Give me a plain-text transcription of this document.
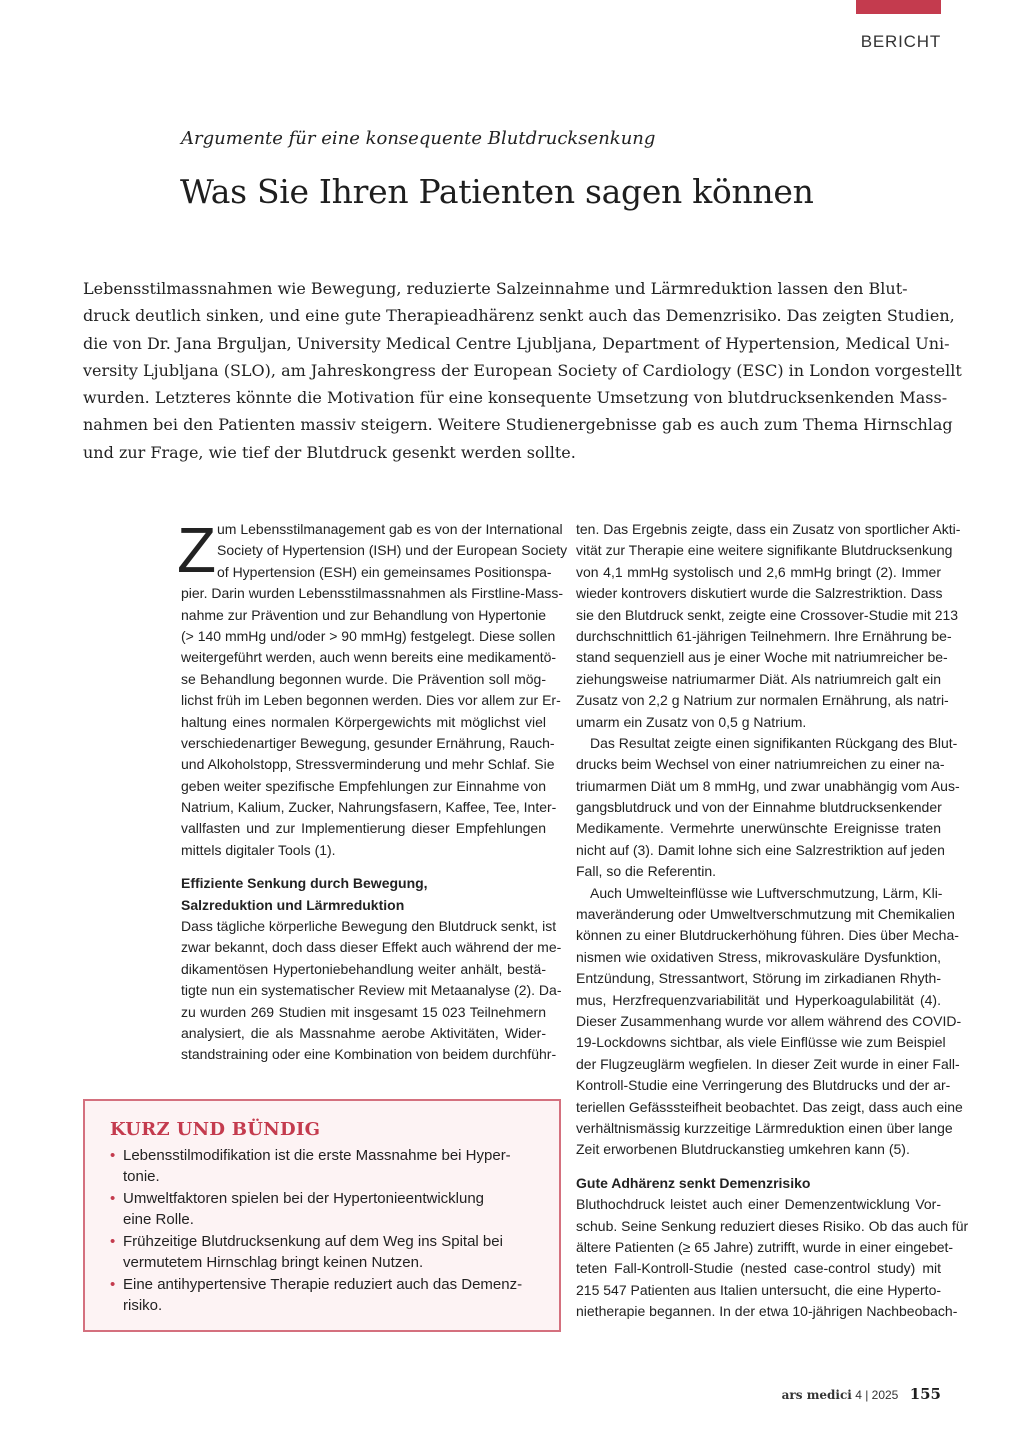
BERICHT
Argumente für eine konsequente Blutdrucksenkung
Was Sie Ihren Patienten sagen können
Lebensstilmassnahmen wie Bewegung, reduzierte Salzeinnahme und Lärmreduktion lassen den Blut-
druck deutlich sinken, und eine gute Therapieadhärenz senkt auch das Demenzrisiko. Das zeigten Studien,
die von Dr. Jana Brguljan, University Medical Centre Ljubljana, Department of Hypertension, Medical Uni-
versity Ljubljana (SLO), am Jahreskongress der European Society of Cardiology (ESC) in London vorgestellt
wurden. Letzteres könnte die Motivation für eine konsequente Umsetzung von blutdrucksenkenden Mass-
nahmen bei den Patienten massiv steigern. Weitere Studienergebnisse gab es auch zum Thema Hirnschlag
und zur Frage, wie tief der Blutdruck gesenkt werden sollte.
Z um Lebensstilmanagement gab es von der International
Society of Hypertension (ISH) und der European Society
of Hypertension (ESH) ein gemeinsames Positionspa-
pier. Darin wurden Lebensstilmassnahmen als Firstline-Mass-
nahme zur Prävention und zur Behandlung von Hypertonie
(> 140 mmHg und/oder > 90 mmHg) festgelegt. Diese sollen
weitergeführt werden, auch wenn bereits eine medikamentö-
se Behandlung begonnen wurde. Die Prävention soll mög-
lichst früh im Leben begonnen werden. Dies vor allem zur Er-
haltung eines normalen Körpergewichts mit möglichst viel
verschiedenartiger Bewegung, gesunder Ernährung, Rauch-
und Alkoholstopp, Stressverminderung und mehr Schlaf. Sie
geben weiter spezifische Empfehlungen zur Einnahme von
Natrium, Kalium, Zucker, Nahrungsfasern, Kaffee, Tee, Inter-
vallfasten und zur Implementierung dieser Empfehlungen
mittels digitaler Tools (1).
Effiziente Senkung durch Bewegung,
Salzreduktion und Lärmreduktion
Dass tägliche körperliche Bewegung den Blutdruck senkt, ist
zwar bekannt, doch dass dieser Effekt auch während der me-
dikamentösen Hypertoniebehandlung weiter anhält, bestä-
tigte nun ein systematischer Review mit Metaanalyse (2). Da-
zu wurden 269 Studien mit insgesamt 15 023 Teilnehmern
analysiert, die als Massnahme aerobe Aktivitäten, Wider-
standstraining oder eine Kombination von beidem durchführ-
ten. Das Ergebnis zeigte, dass ein Zusatz von sportlicher Akti-
vität zur Therapie eine weitere signifikante Blutdrucksenkung
von 4,1 mmHg systolisch und 2,6 mmHg bringt (2). Immer
wieder kontrovers diskutiert wurde die Salzrestriktion. Dass
sie den Blutdruck senkt, zeigte eine Crossover-Studie mit 213
durchschnittlich 61-jährigen Teilnehmern. Ihre Ernährung be-
stand sequenziell aus je einer Woche mit natriumreicher be-
ziehungsweise natriumarmer Diät. Als natriumreich galt ein
Zusatz von 2,2 g Natrium zur normalen Ernährung, als natri-
umarm ein Zusatz von 0,5 g Natrium.
Das Resultat zeigte einen signifikanten Rückgang des Blut-
drucks beim Wechsel von einer natriumreichen zu einer na-
triumarmen Diät um 8 mmHg, und zwar unabhängig vom Aus-
gangsblutdruck und von der Einnahme blutdrucksenkender
Medikamente. Vermehrte unerwünschte Ereignisse traten
nicht auf (3). Damit lohne sich eine Salzrestriktion auf jeden
Fall, so die Referentin.
Auch Umwelteinflüsse wie Luftverschmutzung, Lärm, Kli-
maveränderung oder Umweltverschmutzung mit Chemikalien
können zu einer Blutdruckerhöhung führen. Dies über Mecha-
nismen wie oxidativen Stress, mikrovaskuläre Dysfunktion,
Entzündung, Stressantwort, Störung im zirkadianen Rhyth-
mus, Herzfrequenzvariabilität und Hyperkoagulabilität (4).
Dieser Zusammenhang wurde vor allem während des COVID-
19-Lockdowns sichtbar, als viele Einflüsse wie zum Beispiel
der Flugzeuglärm wegfielen. In dieser Zeit wurde in einer Fall-
Kontroll-Studie eine Verringerung des Blutdrucks und der ar-
teriellen Gefässsteifheit beobachtet. Das zeigt, dass auch eine
verhältnismässig kurzzeitige Lärmreduktion einen über lange
Zeit erworbenen Blutdruckanstieg umkehren kann (5).
Gute Adhärenz senkt Demenzrisiko
Bluthochdruck leistet auch einer Demenzentwicklung Vor-
schub. Seine Senkung reduziert dieses Risiko. Ob das auch für
ältere Patienten (≥ 65 Jahre) zutrifft, wurde in einer eingebet-
teten Fall-Kontroll-Studie (nested case-control study) mit
215 547 Patienten aus Italien untersucht, die eine Hyperto-
nietherapie begannen. In der etwa 10-jährigen Nachbeobach-
KURZ UND BÜNDIG
• Lebensstilmodifikation ist die erste Massnahme bei Hyper-
tonie.
• Umweltfaktoren spielen bei der Hypertonieentwicklung
eine Rolle.
• Frühzeitige Blutdrucksenkung auf dem Weg ins Spital bei
vermutetem Hirnschlag bringt keinen Nutzen.
• Eine antihypertensive Therapie reduziert auch das Demenz-
risiko.
ars medici 4 | 2025 155
